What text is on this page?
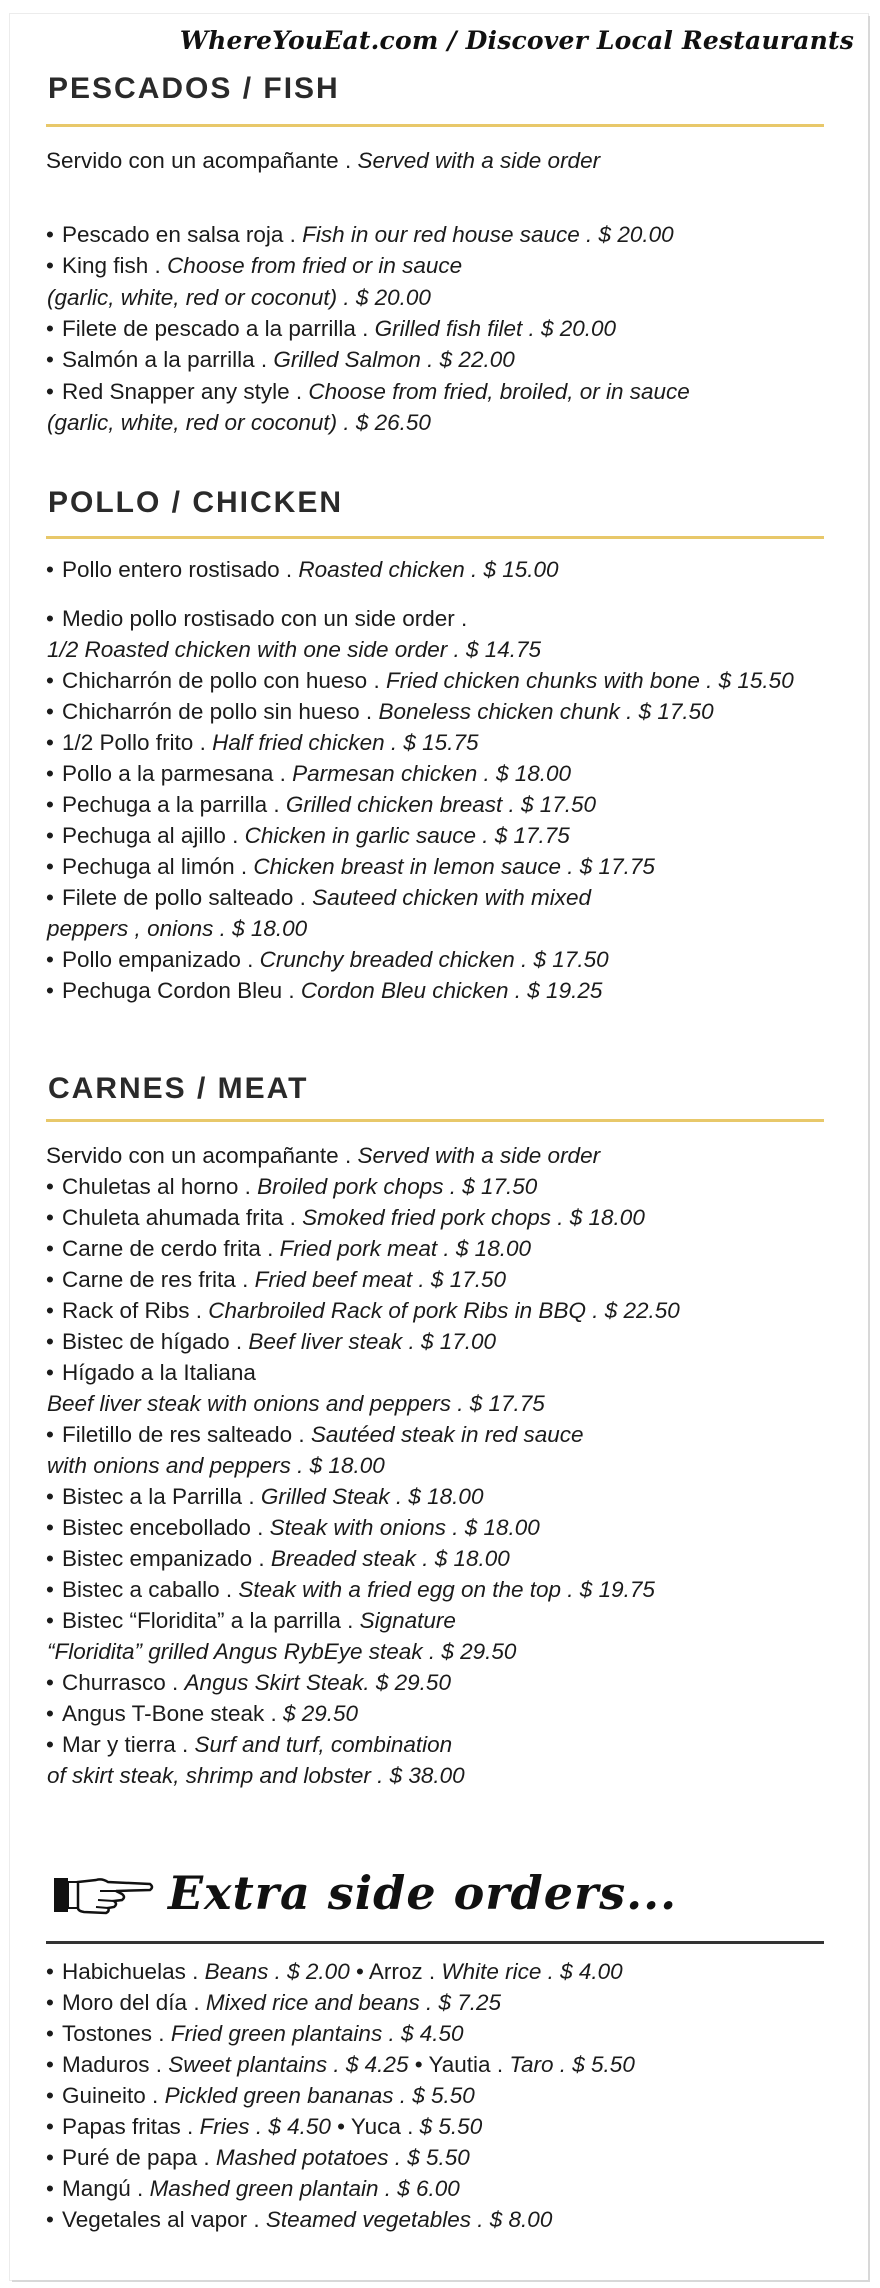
WhereYouEat.com / Discover Local Restaurants
PESCADOS / FISH
Servido con un acompañante . Served with a side order
• Pescado en salsa roja . Fish in our red house sauce . $ 20.00
• King fish . Choose from fried or in sauce
(garlic, white, red or coconut) . $ 20.00
• Filete de pescado a la parrilla . Grilled fish filet . $ 20.00
• Salmón a la parrilla . Grilled Salmon . $ 22.00
• Red Snapper any style . Choose from fried, broiled, or in sauce
(garlic, white, red or coconut) . $ 26.50
POLLO / CHICKEN
• Pollo entero rostisado . Roasted chicken . $ 15.00
• Medio pollo rostisado con un side order .
1/2 Roasted chicken with one side order . $ 14.75
• Chicharrón de pollo con hueso . Fried chicken chunks with bone . $ 15.50
• Chicharrón de pollo sin hueso . Boneless chicken chunk . $ 17.50
• 1/2 Pollo frito . Half fried chicken . $ 15.75
• Pollo a la parmesana . Parmesan chicken . $ 18.00
• Pechuga a la parrilla . Grilled chicken breast . $ 17.50
• Pechuga al ajillo . Chicken in garlic sauce . $ 17.75
• Pechuga al limón . Chicken breast in lemon sauce . $ 17.75
• Filete de pollo salteado . Sauteed chicken with mixed
peppers , onions . $ 18.00
• Pollo empanizado . Crunchy breaded chicken . $ 17.50
• Pechuga Cordon Bleu . Cordon Bleu chicken . $ 19.25
CARNES / MEAT
Servido con un acompañante . Served with a side order
• Chuletas al horno . Broiled pork chops . $ 17.50
• Chuleta ahumada frita . Smoked fried pork chops . $ 18.00
• Carne de cerdo frita . Fried pork meat . $ 18.00
• Carne de res frita . Fried beef meat . $ 17.50
• Rack of Ribs . Charbroiled Rack of pork Ribs in BBQ . $ 22.50
• Bistec de hígado . Beef liver steak . $ 17.00
• Hígado a la Italiana
Beef liver steak with onions and peppers . $ 17.75
• Filetillo de res salteado . Sautéed steak in red sauce
with onions and peppers . $ 18.00
• Bistec a la Parrilla . Grilled Steak . $ 18.00
• Bistec encebollado . Steak with onions . $ 18.00
• Bistec empanizado . Breaded steak . $ 18.00
• Bistec a caballo . Steak with a fried egg on the top . $ 19.75
• Bistec “Floridita” a la parrilla . Signature
“Floridita” grilled Angus RybEye steak . $ 29.50
• Churrasco . Angus Skirt Steak. $ 29.50
• Angus T-Bone steak . $ 29.50
• Mar y tierra . Surf and turf, combination
of skirt steak, shrimp and lobster . $ 38.00
Extra side orders...
• Habichuelas . Beans . $ 2.00 • Arroz . White rice . $ 4.00
• Moro del día . Mixed rice and beans . $ 7.25
• Tostones . Fried green plantains . $ 4.50
• Maduros . Sweet plantains . $ 4.25 • Yautia . Taro . $ 5.50
• Guineito . Pickled green bananas . $ 5.50
• Papas fritas . Fries . $ 4.50 • Yuca . $ 5.50
• Puré de papa . Mashed potatoes . $ 5.50
• Mangú . Mashed green plantain . $ 6.00
• Vegetales al vapor . Steamed vegetables . $ 8.00
